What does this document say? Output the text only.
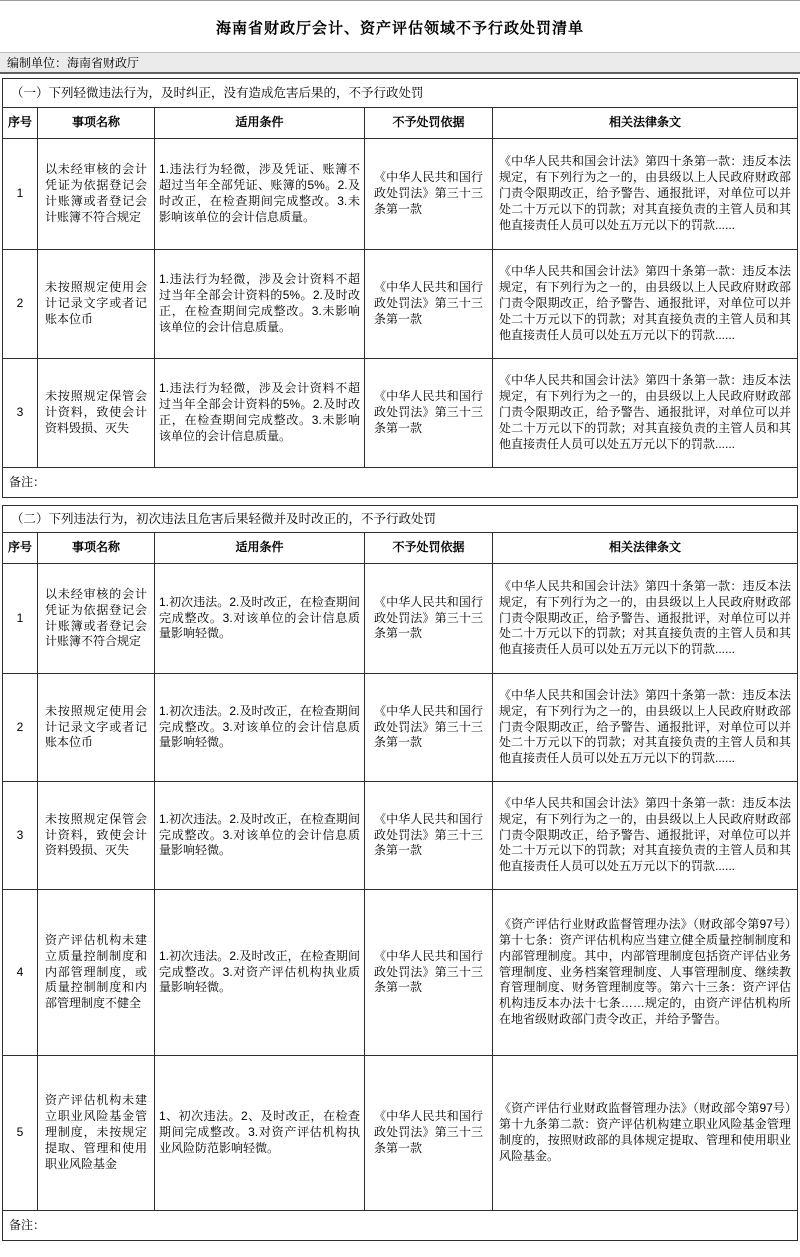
海南省财政厅会计、资产评估领域不予行政处罚清单
编制单位：海南省财政厅
（一）下列轻微违法行为，及时纠正，没有造成危害后果的，不予行政处罚				
序号	事项名称	适用条件	不予处罚依据	相关法律条文
1	以未经审核的会计凭证为依据登记会计账簿或者登记会计账簿不符合规定	1.违法行为轻微，涉及凭证、账簿不超过当年全部凭证、账簿的5%。2.及时改正，在检查期间完成整改。3.未影响该单位的会计信息质量。	《中华人民共和国行政处罚法》第三十三条第一款	《中华人民共和国会计法》第四十条第一款：违反本法规定，有下列行为之一的，由县级以上人民政府财政部门责令限期改正，给予警告、通报批评，对单位可以并处二十万元以下的罚款；对其直接负责的主管人员和其他直接责任人员可以处五万元以下的罚款......
2	未按照规定使用会计记录文字或者记账本位币	1.违法行为轻微，涉及会计资料不超过当年全部会计资料的5%。2.及时改正，在检查期间完成整改。3.未影响该单位的会计信息质量。	《中华人民共和国行政处罚法》第三十三条第一款	《中华人民共和国会计法》第四十条第一款：违反本法规定，有下列行为之一的，由县级以上人民政府财政部门责令限期改正，给予警告、通报批评，对单位可以并处二十万元以下的罚款；对其直接负责的主管人员和其他直接责任人员可以处五万元以下的罚款......
3	未按照规定保管会计资料，致使会计资料毁损、灭失	1.违法行为轻微，涉及会计资料不超过当年全部会计资料的5%。2.及时改正，在检查期间完成整改。3.未影响该单位的会计信息质量。	《中华人民共和国行政处罚法》第三十三条第一款	《中华人民共和国会计法》第四十条第一款：违反本法规定，有下列行为之一的，由县级以上人民政府财政部门责令限期改正，给予警告、通报批评，对单位可以并处二十万元以下的罚款；对其直接负责的主管人员和其他直接责任人员可以处五万元以下的罚款......
备注：				
（二）下列违法行为，初次违法且危害后果轻微并及时改正的，不予行政处罚				
序号	事项名称	适用条件	不予处罚依据	相关法律条文
1	以未经审核的会计凭证为依据登记会计账簿或者登记会计账簿不符合规定	1.初次违法。2.及时改正，在检查期间完成整改。3.对该单位的会计信息质量影响轻微。	《中华人民共和国行政处罚法》第三十三条第一款	《中华人民共和国会计法》第四十条第一款：违反本法规定，有下列行为之一的，由县级以上人民政府财政部门责令限期改正，给予警告、通报批评，对单位可以并处二十万元以下的罚款；对其直接负责的主管人员和其他直接责任人员可以处五万元以下的罚款......
2	未按照规定使用会计记录文字或者记账本位币	1.初次违法。2.及时改正，在检查期间完成整改。3.对该单位的会计信息质量影响轻微。	《中华人民共和国行政处罚法》第三十三条第一款	《中华人民共和国会计法》第四十条第一款：违反本法规定，有下列行为之一的，由县级以上人民政府财政部门责令限期改正，给予警告、通报批评，对单位可以并处二十万元以下的罚款；对其直接负责的主管人员和其他直接责任人员可以处五万元以下的罚款......
3	未按照规定保管会计资料，致使会计资料毁损、灭失	1.初次违法。2.及时改正，在检查期间完成整改。3.对该单位的会计信息质量影响轻微。	《中华人民共和国行政处罚法》第三十三条第一款	《中华人民共和国会计法》第四十条第一款：违反本法规定，有下列行为之一的，由县级以上人民政府财政部门责令限期改正，给予警告、通报批评，对单位可以并处二十万元以下的罚款；对其直接负责的主管人员和其他直接责任人员可以处五万元以下的罚款......
4	资产评估机构未建立质量控制制度和内部管理制度，或质量控制制度和内部管理制度不健全	1.初次违法。2.及时改正，在检查期间完成整改。3.对资产评估机构执业质量影响轻微。	《中华人民共和国行政处罚法》第三十三条第一款	《资产评估行业财政监督管理办法》（财政部令第97号）第十七条：资产评估机构应当建立健全质量控制制度和内部管理制度。其中，内部管理制度包括资产评估业务管理制度、业务档案管理制度、人事管理制度、继续教育管理制度、财务管理制度等。第六十三条：资产评估机构违反本办法十七条……规定的，由资产评估机构所在地省级财政部门责令改正，并给予警告。
5	资产评估机构未建立职业风险基金管理制度，未按规定提取、管理和使用职业风险基金	1、初次违法。2、及时改正，在检查期间完成整改。3.对资产评估机构执业风险防范影响轻微。	《中华人民共和国行政处罚法》第三十三条第一款	《资产评估行业财政监督管理办法》（财政部令第97号）第十九条第二款：资产评估机构建立职业风险基金管理制度的，按照财政部的具体规定提取、管理和使用职业风险基金。
备注：				
